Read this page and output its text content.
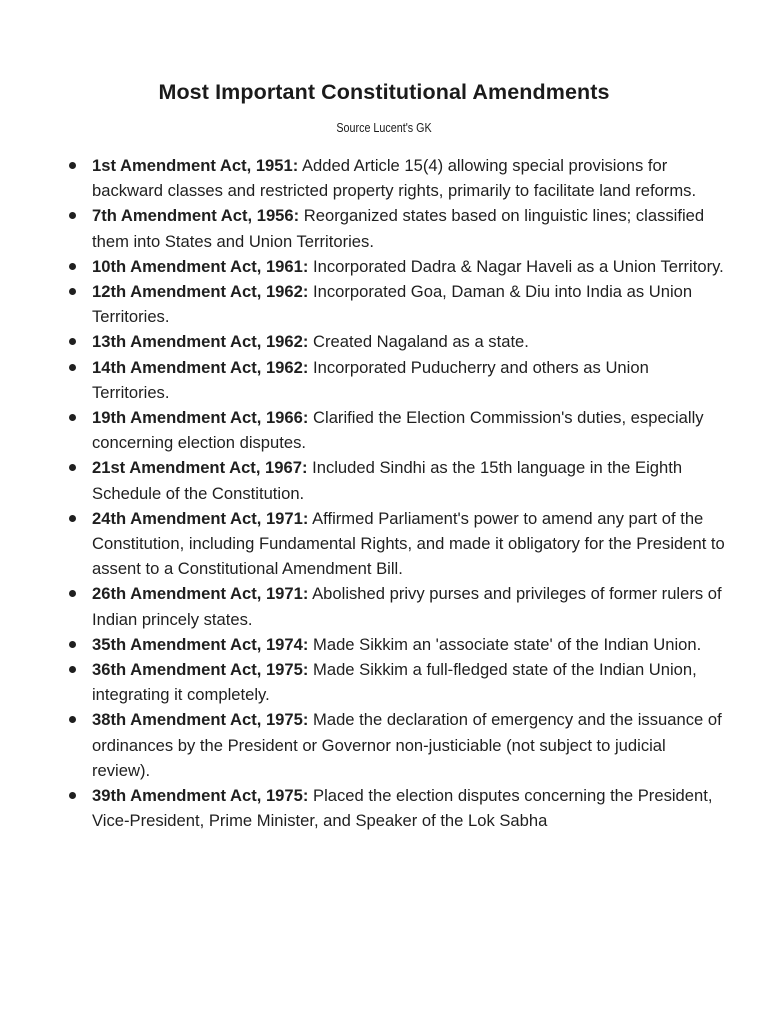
Most Important Constitutional Amendments
Source Lucent's GK
1st Amendment Act, 1951: Added Article 15(4) allowing special provisions for backward classes and restricted property rights, primarily to facilitate land reforms.
7th Amendment Act, 1956: Reorganized states based on linguistic lines; classified them into States and Union Territories.
10th Amendment Act, 1961: Incorporated Dadra & Nagar Haveli as a Union Territory.
12th Amendment Act, 1962: Incorporated Goa, Daman & Diu into India as Union Territories.
13th Amendment Act, 1962: Created Nagaland as a state.
14th Amendment Act, 1962: Incorporated Puducherry and others as Union Territories.
19th Amendment Act, 1966: Clarified the Election Commission's duties, especially concerning election disputes.
21st Amendment Act, 1967: Included Sindhi as the 15th language in the Eighth Schedule of the Constitution.
24th Amendment Act, 1971: Affirmed Parliament's power to amend any part of the Constitution, including Fundamental Rights, and made it obligatory for the President to assent to a Constitutional Amendment Bill.
26th Amendment Act, 1971: Abolished privy purses and privileges of former rulers of Indian princely states.
35th Amendment Act, 1974: Made Sikkim an 'associate state' of the Indian Union.
36th Amendment Act, 1975: Made Sikkim a full-fledged state of the Indian Union, integrating it completely.
38th Amendment Act, 1975: Made the declaration of emergency and the issuance of ordinances by the President or Governor non-justiciable (not subject to judicial review).
39th Amendment Act, 1975: Placed the election disputes concerning the President, Vice-President, Prime Minister, and Speaker of the Lok Sabha
